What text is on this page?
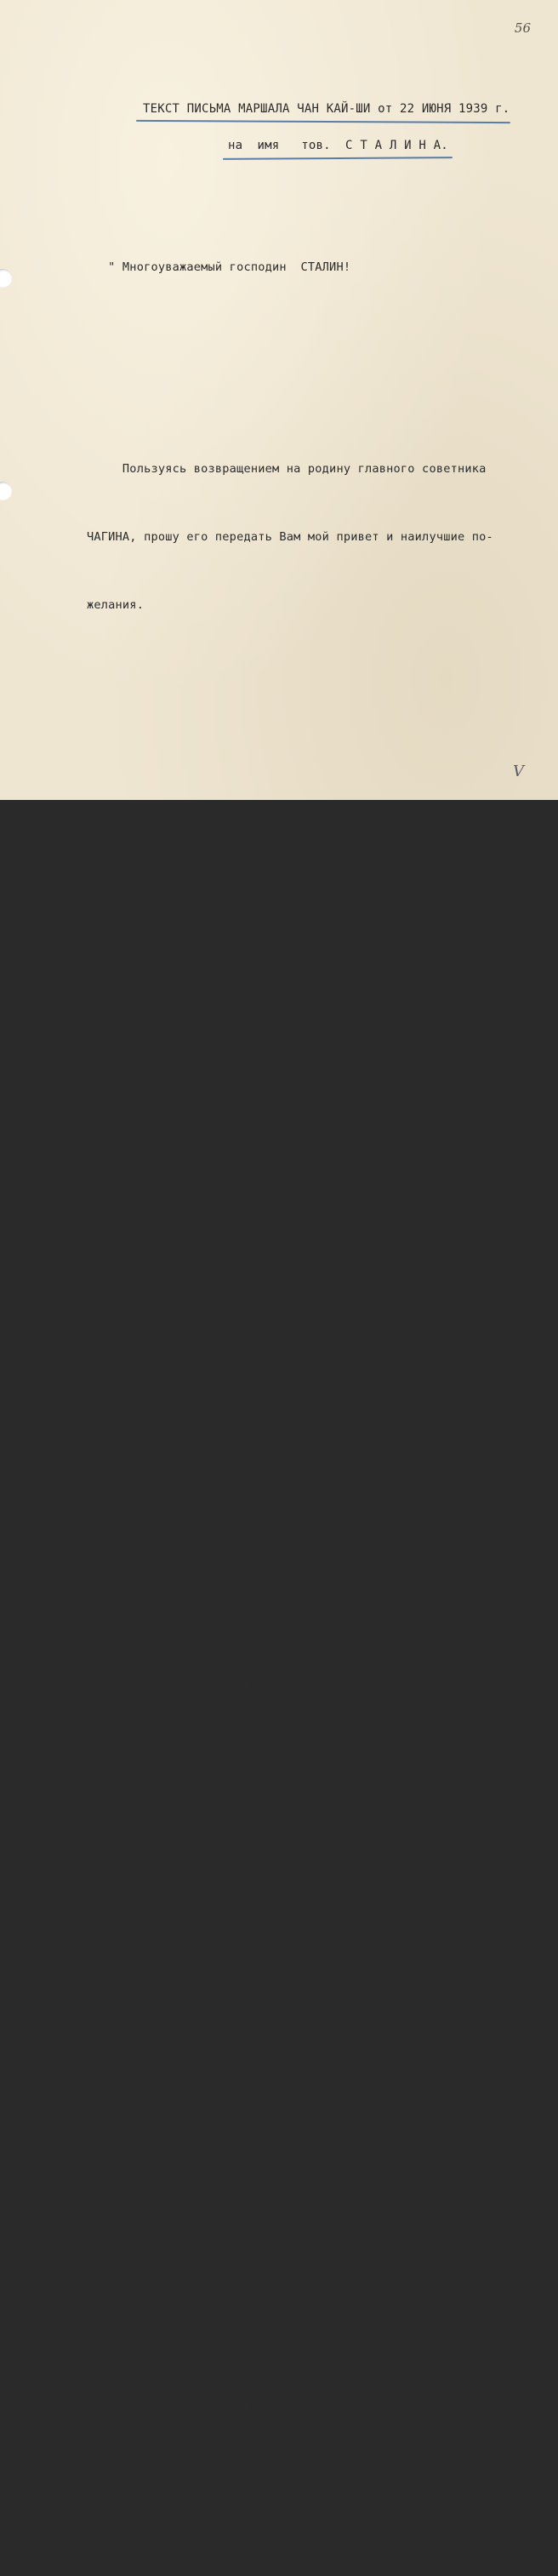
56
ТЕКСТ ПИСЬМА МАРШАЛА ЧАН КАЙ-ШИ от 22 ИЮНЯ 1939 г.
на  имя   тов.  С Т А Л И Н А.

" Многоуважаемый господин  СТАЛИН!

Пользуясь возвращением на родину главного советника

ЧАГИНА, прошу его передать Вам мой привет и наилучшие по-

желания.

Наша страна уже более 2-х лет ведет войну с Японией.

Благодаря глубоким симпатиям всей армии и народов Со-

ветского Союза, находящимся под Вашим руководством,  нам

оказывается материальная и моральная помощь, в результате

которой мы можем осуществлять длительную освободительную

войну. За это мы весьма Вам благодарны.

Особенно, в связи с недавним подписанием договора,

Китай получает еще большую помощь, что трудно будет когда-

либо  забыть.

В настоящее время освободительная война вступила во

вторую фазу. Силы противника истощаются и находятся на

грани гибели. Мы, принимая все собственные усилия для изгна-

ния грабителей и поддержания справедливости, попрежнему на-

деемся, что Советский Союз, являющийся особенным, хорошим

другом Китая - сможет еще больше возглавить государства,

заинтересованные в Дальнем Востоке, в деле применения к

Японии эффективных санкций.

V
